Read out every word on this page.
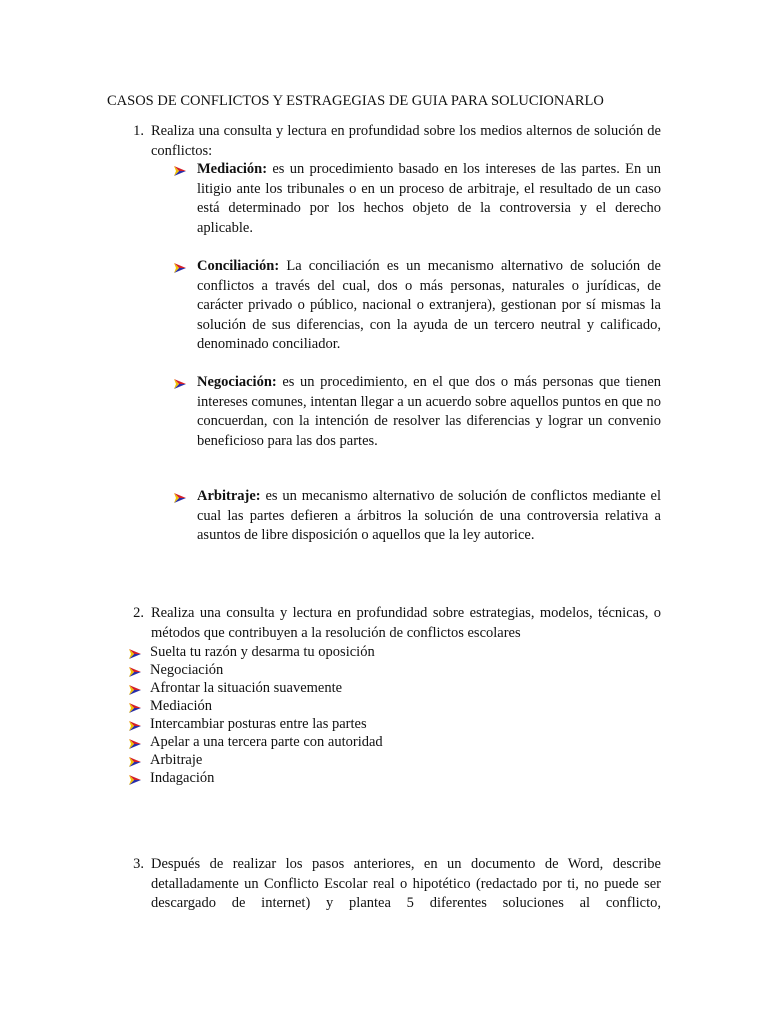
CASOS DE CONFLICTOS Y ESTRAGEGIAS DE GUIA PARA SOLUCIONARLO
1. Realiza una consulta y lectura en profundidad sobre los medios alternos de solución de conflictos:
Mediación: es un procedimiento basado en los intereses de las partes. En un litigio ante los tribunales o en un proceso de arbitraje, el resultado de un caso está determinado por los hechos objeto de la controversia y el derecho aplicable.
Conciliación: La conciliación es un mecanismo alternativo de solución de conflictos a través del cual, dos o más personas, naturales o jurídicas, de carácter privado o público, nacional o extranjera), gestionan por sí mismas la solución de sus diferencias, con la ayuda de un tercero neutral y calificado, denominado conciliador.
Negociación: es un procedimiento, en el que dos o más personas que tienen intereses comunes, intentan llegar a un acuerdo sobre aquellos puntos en que no concuerdan, con la intención de resolver las diferencias y lograr un convenio beneficioso para las dos partes.
Arbitraje: es un mecanismo alternativo de solución de conflictos mediante el cual las partes defieren a árbitros la solución de una controversia relativa a asuntos de libre disposición o aquellos que la ley autorice.
2. Realiza una consulta y lectura en profundidad sobre estrategias, modelos, técnicas, o métodos que contribuyen a la resolución de conflictos escolares
Suelta tu razón y desarma tu oposición
Negociación
Afrontar la situación suavemente
Mediación
Intercambiar posturas entre las partes
Apelar a una tercera parte con autoridad
Arbitraje
Indagación
3. Después de realizar los pasos anteriores, en un documento de Word, describe detalladamente un Conflicto Escolar real o hipotético (redactado por ti, no puede ser descargado de internet) y plantea 5 diferentes soluciones al conflicto,
